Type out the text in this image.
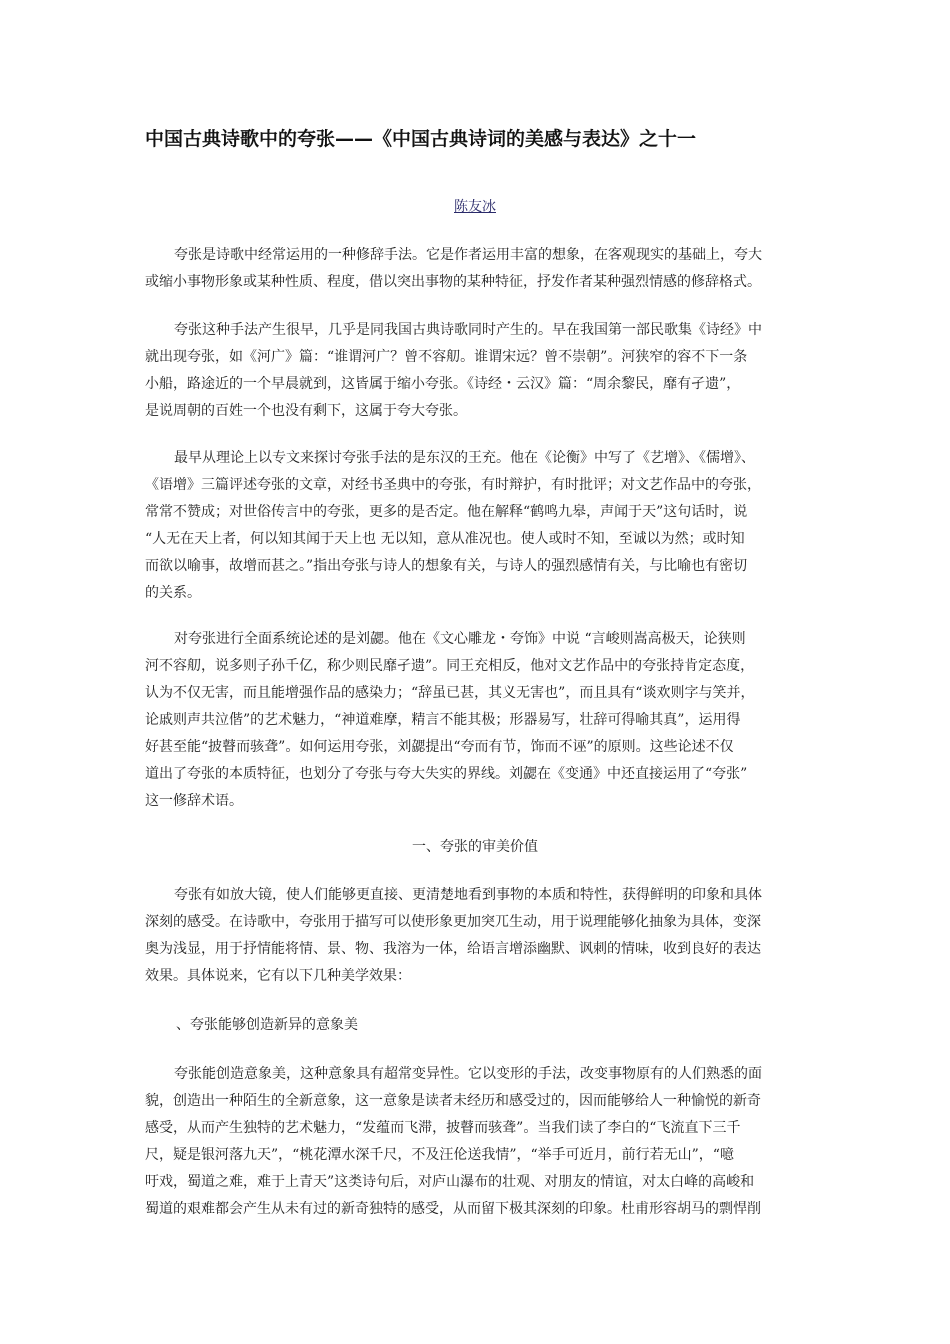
中国古典诗歌中的夸张——《中国古典诗词的美感与表达》之十一
陈友冰
夸张是诗歌中经常运用的一种修辞手法。它是作者运用丰富的想象，在客观现实的基础上，夸大
或缩小事物形象或某种性质、程度，借以突出事物的某种特征，抒发作者某种强烈情感的修辞格式。
夸张这种手法产生很早，几乎是同我国古典诗歌同时产生的。早在我国第一部民歌集《诗经》中
就出现夸张，如《河广》篇：“谁谓河广？曾不容舠。谁谓宋远？曾不崇朝”。河狭窄的容不下一条
小船，路途近的一个早晨就到，这皆属于缩小夸张。《诗经・云汉》篇：“周余黎民，靡有孑遗”，
是说周朝的百姓一个也没有剩下，这属于夸大夸张。
最早从理论上以专文来探讨夸张手法的是东汉的王充。他在《论衡》中写了《艺增》、《儒增》、
《语增》三篇评述夸张的文章，对经书圣典中的夸张，有时辩护，有时批评；对文艺作品中的夸张，
常常不赞成；对世俗传言中的夸张，更多的是否定。他在解释“鹤鸣九皋，声闻于天”这句话时，说
“人无在天上者，何以知其闻于天上也 无以知，意从准况也。使人或时不知，至诚以为然；或时知
而欲以喻事，故增而甚之。”指出夸张与诗人的想象有关，与诗人的强烈感情有关，与比喻也有密切
的关系。
对夸张进行全面系统论述的是刘勰。他在《文心雕龙・夸饰》中说 “言峻则嵩高极天，论狭则
河不容舠，说多则子孙千亿，称少则民靡孑遗”。同王充相反，他对文艺作品中的夸张持肯定态度，
认为不仅无害，而且能增强作品的感染力；“辞虽已甚，其义无害也”，而且具有“谈欢则字与笑并，
论戚则声共泣偕”的艺术魅力，“神道难摩，精言不能其极；形器易写，壮辞可得喻其真”，运用得
好甚至能“披瞽而骇聋”。如何运用夸张，刘勰提出“夸而有节，饰而不诬”的原则。这些论述不仅
道出了夸张的本质特征，也划分了夸张与夸大失实的界线。刘勰在《变通》中还直接运用了“夸张”
这一修辞术语。
一、夸张的审美价值
夸张有如放大镜，使人们能够更直接、更清楚地看到事物的本质和特性，获得鲜明的印象和具体
深刻的感受。在诗歌中，夸张用于描写可以使形象更加突兀生动，用于说理能够化抽象为具体，变深
奥为浅显，用于抒情能将情、景、物、我溶为一体，给语言增添幽默、讽刺的情味，收到良好的表达
效果。具体说来，它有以下几种美学效果：
、夸张能够创造新异的意象美
夸张能创造意象美，这种意象具有超常变异性。它以变形的手法，改变事物原有的人们熟悉的面
貌，创造出一种陌生的全新意象，这一意象是读者未经历和感受过的，因而能够给人一种愉悦的新奇
感受，从而产生独特的艺术魅力，“发蕴而飞滞，披瞽而骇聋”。当我们读了李白的“飞流直下三千
尺，疑是银河落九天”，“桃花潭水深千尺，不及汪伦送我情”，“举手可近月，前行若无山”，“噫
吁戏，蜀道之难，难于上青天”这类诗句后，对庐山瀑布的壮观、对朋友的情谊，对太白峰的高峻和
蜀道的艰难都会产生从未有过的新奇独特的感受，从而留下极其深刻的印象。杜甫形容胡马的剽悍削
